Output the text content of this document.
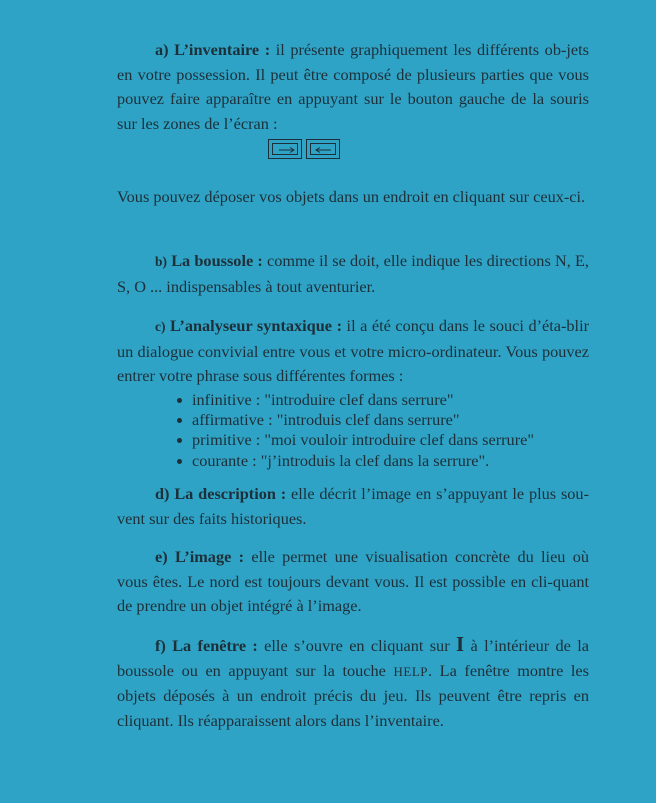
a) L’inventaire : il présente graphiquement les différents ob-jets en votre possession. Il peut être composé de plusieurs parties que vous pouvez faire apparaître en appuyant sur le bouton gauche de la souris sur les zones de l’écran :

Vous pouvez déposer vos objets dans un endroit en cliquant sur ceux-ci.

b) La boussole : comme il se doit, elle indique les directions N, E, S, O ... indispensables à tout aventurier.

c) L’analyseur syntaxique : il a été conçu dans le souci d’éta-blir un dialogue convivial entre vous et votre micro-ordinateur. Vous pouvez entrer votre phrase sous différentes formes :

infinitive : "introduire clef dans serrure"
affirmative : "introduis clef dans serrure"
primitive : "moi vouloir introduire clef dans serrure"
courante : "j’introduis la clef dans la serrure".

d) La description : elle décrit l’image en s’appuyant le plus sou-vent sur des faits historiques.

e) L’image : elle permet une visualisation concrète du lieu où vous êtes. Le nord est toujours devant vous. Il est possible en cli-quant de prendre un objet intégré à l’image.

f) La fenêtre : elle s’ouvre en cliquant sur I à l’intérieur de la boussole ou en appuyant sur la touche HELP. La fenêtre montre les objets déposés à un endroit précis du jeu. Ils peuvent être repris en cliquant. Ils réapparaissent alors dans l’inventaire.
